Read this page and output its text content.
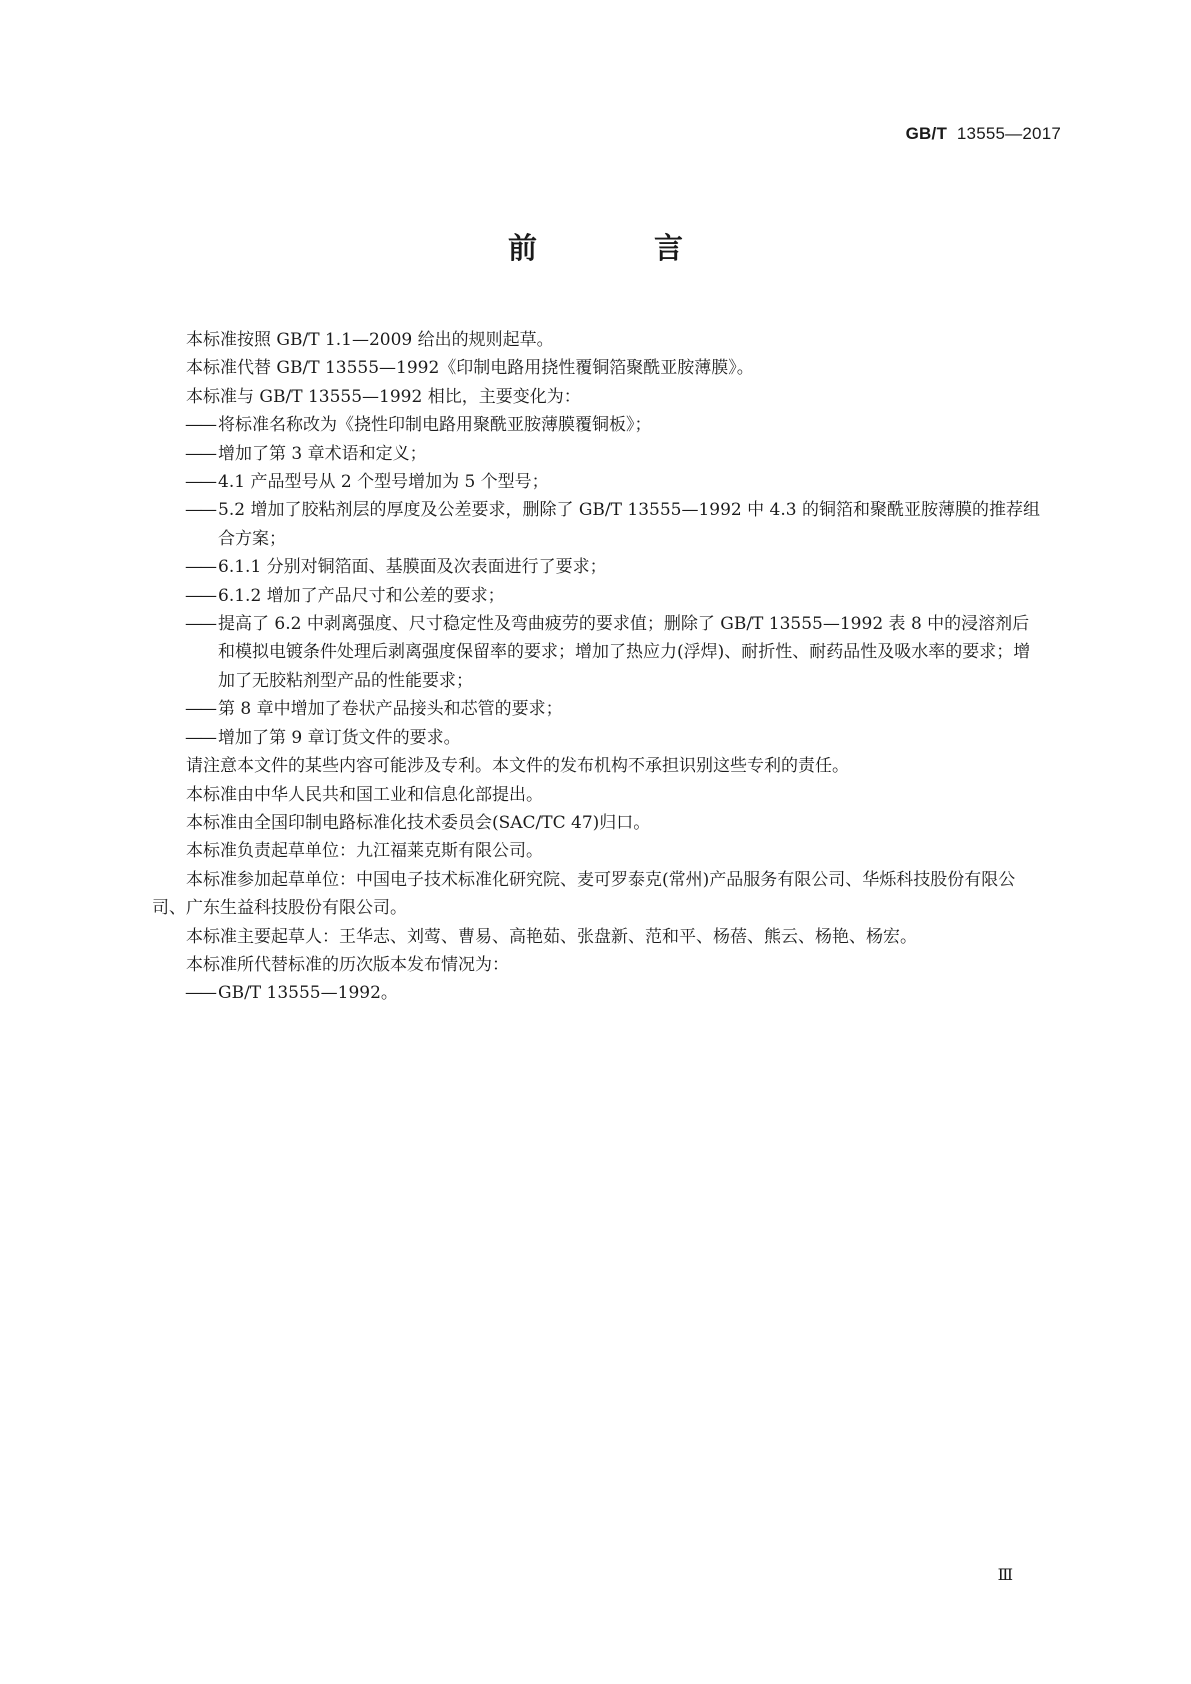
GB/T 13555—2017
前　言

本标准按照 GB/T 1.1—2009 给出的规则起草。

本标准代替 GB/T 13555—1992《印制电路用挠性覆铜箔聚酰亚胺薄膜》。

本标准与 GB/T 13555—1992 相比，主要变化为：

—— 将标准名称改为《挠性印制电路用聚酰亚胺薄膜覆铜板》；

—— 增加了第 3 章术语和定义；

—— 4.1 产品型号从 2 个型号增加为 5 个型号；

—— 5.2 增加了胶粘剂层的厚度及公差要求，删除了 GB/T 13555—1992 中 4.3 的铜箔和聚酰亚胺薄膜的推荐组合方案；

—— 6.1.1 分别对铜箔面、基膜面及次表面进行了要求；

—— 6.1.2 增加了产品尺寸和公差的要求；

—— 提高了 6.2 中剥离强度、尺寸稳定性及弯曲疲劳的要求值；删除了 GB/T 13555—1992 表 8 中的浸溶剂后和模拟电镀条件处理后剥离强度保留率的要求；增加了热应力(浮焊)、耐折性、耐药品性及吸水率的要求；增加了无胶粘剂型产品的性能要求；

—— 第 8 章中增加了卷状产品接头和芯管的要求；

—— 增加了第 9 章订货文件的要求。

请注意本文件的某些内容可能涉及专利。本文件的发布机构不承担识别这些专利的责任。

本标准由中华人民共和国工业和信息化部提出。

本标准由全国印制电路标准化技术委员会(SAC/TC 47)归口。

本标准负责起草单位：九江福莱克斯有限公司。

本标准参加起草单位：中国电子技术标准化研究院、麦可罗泰克(常州)产品服务有限公司、华烁科技股份有限公司、广东生益科技股份有限公司。

本标准主要起草人：王华志、刘莺、曹易、高艳茹、张盘新、范和平、杨蓓、熊云、杨艳、杨宏。

本标准所代替标准的历次版本发布情况为：

—— GB/T 13555—1992。

Ⅲ
